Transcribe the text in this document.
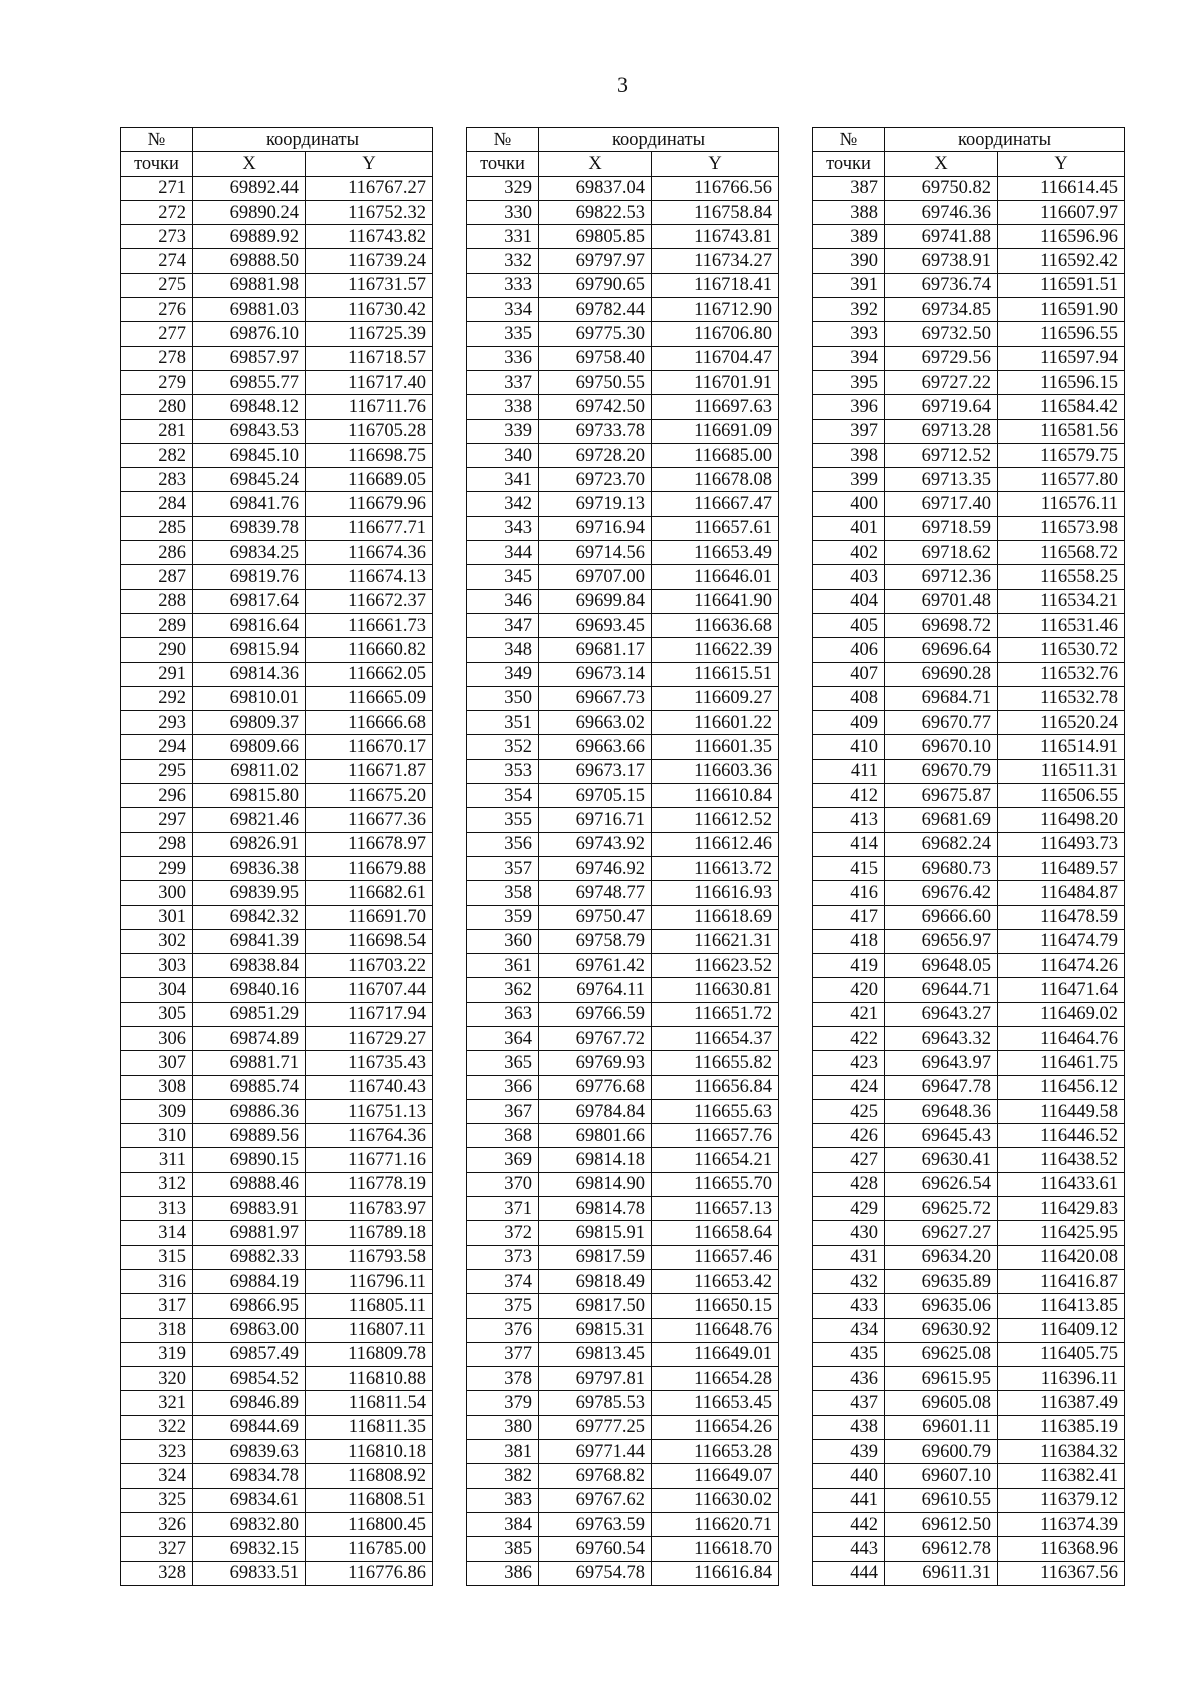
3
№	координаты	
точки	X	Y
271	69892.44	116767.27
272	69890.24	116752.32
273	69889.92	116743.82
274	69888.50	116739.24
275	69881.98	116731.57
276	69881.03	116730.42
277	69876.10	116725.39
278	69857.97	116718.57
279	69855.77	116717.40
280	69848.12	116711.76
281	69843.53	116705.28
282	69845.10	116698.75
283	69845.24	116689.05
284	69841.76	116679.96
285	69839.78	116677.71
286	69834.25	116674.36
287	69819.76	116674.13
288	69817.64	116672.37
289	69816.64	116661.73
290	69815.94	116660.82
291	69814.36	116662.05
292	69810.01	116665.09
293	69809.37	116666.68
294	69809.66	116670.17
295	69811.02	116671.87
296	69815.80	116675.20
297	69821.46	116677.36
298	69826.91	116678.97
299	69836.38	116679.88
300	69839.95	116682.61
301	69842.32	116691.70
302	69841.39	116698.54
303	69838.84	116703.22
304	69840.16	116707.44
305	69851.29	116717.94
306	69874.89	116729.27
307	69881.71	116735.43
308	69885.74	116740.43
309	69886.36	116751.13
310	69889.56	116764.36
311	69890.15	116771.16
312	69888.46	116778.19
313	69883.91	116783.97
314	69881.97	116789.18
315	69882.33	116793.58
316	69884.19	116796.11
317	69866.95	116805.11
318	69863.00	116807.11
319	69857.49	116809.78
320	69854.52	116810.88
321	69846.89	116811.54
322	69844.69	116811.35
323	69839.63	116810.18
324	69834.78	116808.92
325	69834.61	116808.51
326	69832.80	116800.45
327	69832.15	116785.00
328	69833.51	116776.86
№	координаты	
точки	X	Y
329	69837.04	116766.56
330	69822.53	116758.84
331	69805.85	116743.81
332	69797.97	116734.27
333	69790.65	116718.41
334	69782.44	116712.90
335	69775.30	116706.80
336	69758.40	116704.47
337	69750.55	116701.91
338	69742.50	116697.63
339	69733.78	116691.09
340	69728.20	116685.00
341	69723.70	116678.08
342	69719.13	116667.47
343	69716.94	116657.61
344	69714.56	116653.49
345	69707.00	116646.01
346	69699.84	116641.90
347	69693.45	116636.68
348	69681.17	116622.39
349	69673.14	116615.51
350	69667.73	116609.27
351	69663.02	116601.22
352	69663.66	116601.35
353	69673.17	116603.36
354	69705.15	116610.84
355	69716.71	116612.52
356	69743.92	116612.46
357	69746.92	116613.72
358	69748.77	116616.93
359	69750.47	116618.69
360	69758.79	116621.31
361	69761.42	116623.52
362	69764.11	116630.81
363	69766.59	116651.72
364	69767.72	116654.37
365	69769.93	116655.82
366	69776.68	116656.84
367	69784.84	116655.63
368	69801.66	116657.76
369	69814.18	116654.21
370	69814.90	116655.70
371	69814.78	116657.13
372	69815.91	116658.64
373	69817.59	116657.46
374	69818.49	116653.42
375	69817.50	116650.15
376	69815.31	116648.76
377	69813.45	116649.01
378	69797.81	116654.28
379	69785.53	116653.45
380	69777.25	116654.26
381	69771.44	116653.28
382	69768.82	116649.07
383	69767.62	116630.02
384	69763.59	116620.71
385	69760.54	116618.70
386	69754.78	116616.84
№	координаты	
точки	X	Y
387	69750.82	116614.45
388	69746.36	116607.97
389	69741.88	116596.96
390	69738.91	116592.42
391	69736.74	116591.51
392	69734.85	116591.90
393	69732.50	116596.55
394	69729.56	116597.94
395	69727.22	116596.15
396	69719.64	116584.42
397	69713.28	116581.56
398	69712.52	116579.75
399	69713.35	116577.80
400	69717.40	116576.11
401	69718.59	116573.98
402	69718.62	116568.72
403	69712.36	116558.25
404	69701.48	116534.21
405	69698.72	116531.46
406	69696.64	116530.72
407	69690.28	116532.76
408	69684.71	116532.78
409	69670.77	116520.24
410	69670.10	116514.91
411	69670.79	116511.31
412	69675.87	116506.55
413	69681.69	116498.20
414	69682.24	116493.73
415	69680.73	116489.57
416	69676.42	116484.87
417	69666.60	116478.59
418	69656.97	116474.79
419	69648.05	116474.26
420	69644.71	116471.64
421	69643.27	116469.02
422	69643.32	116464.76
423	69643.97	116461.75
424	69647.78	116456.12
425	69648.36	116449.58
426	69645.43	116446.52
427	69630.41	116438.52
428	69626.54	116433.61
429	69625.72	116429.83
430	69627.27	116425.95
431	69634.20	116420.08
432	69635.89	116416.87
433	69635.06	116413.85
434	69630.92	116409.12
435	69625.08	116405.75
436	69615.95	116396.11
437	69605.08	116387.49
438	69601.11	116385.19
439	69600.79	116384.32
440	69607.10	116382.41
441	69610.55	116379.12
442	69612.50	116374.39
443	69612.78	116368.96
444	69611.31	116367.56
